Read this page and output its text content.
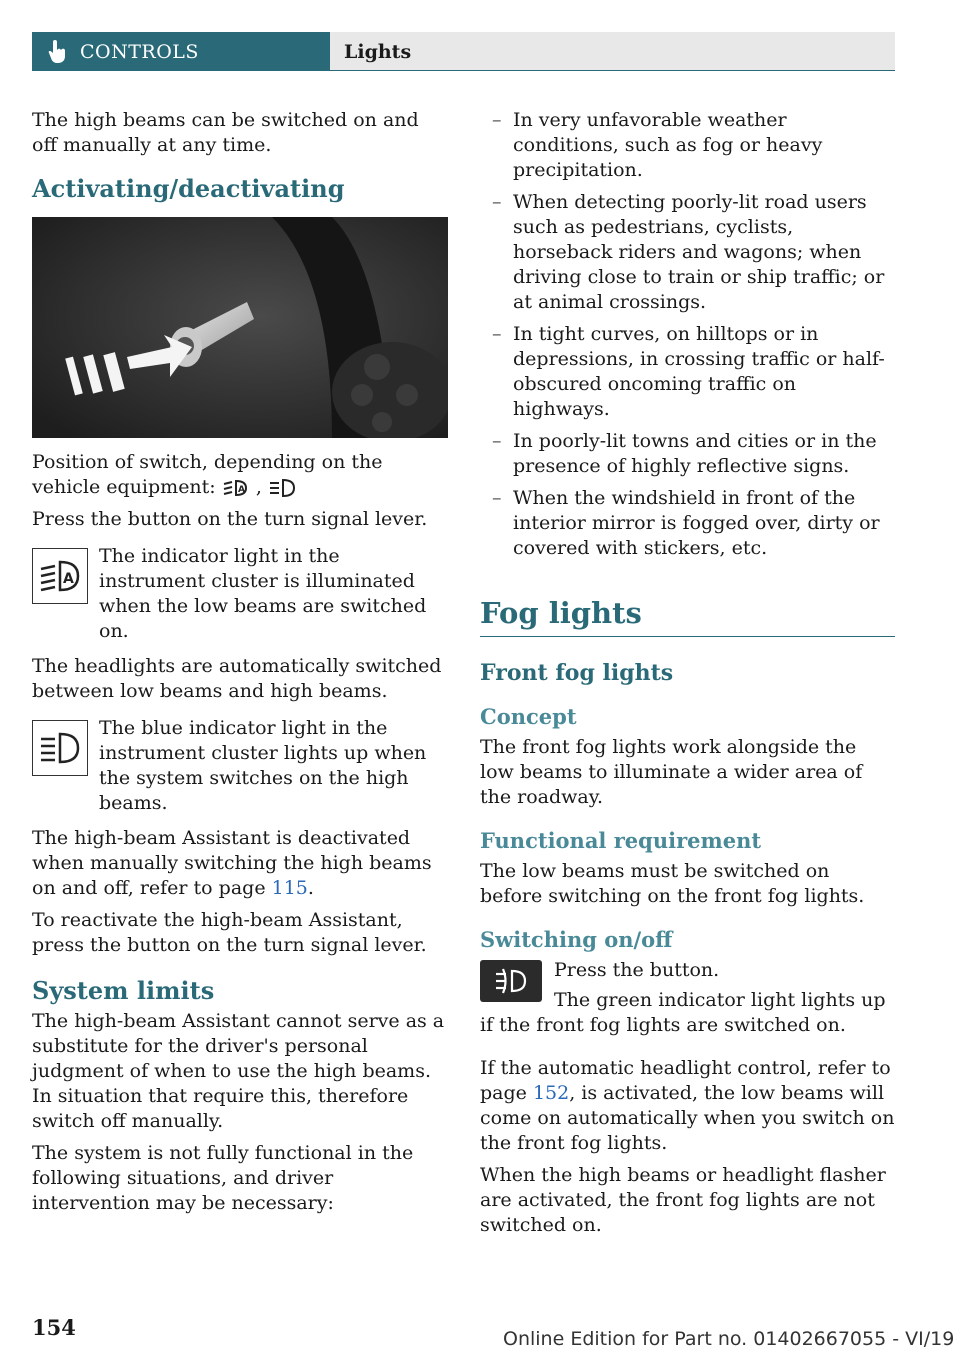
CONTROLS	Lights

The high beams can be switched on and off manually at any time.

Activating/deactivating

Position of switch, depending on the vehicle equipment: A ,

Press the button on the turn signal lever.

A
The indicator light in the instrument cluster is illuminated when the low beams are switched on.

The headlights are automatically switched between low beams and high beams.

The blue indicator light in the instrument cluster lights up when the system switches on the high beams.

The high-beam Assistant is deactivated when manually switching the high beams on and off, refer to page 115.

To reactivate the high-beam Assistant, press the button on the turn signal lever.

System limits

The high-beam Assistant cannot serve as a substitute for the driver's personal judgment of when to use the high beams. In situation that require this, therefore switch off manually.

The system is not fully functional in the following situations, and driver intervention may be necessary:

– In very unfavorable weather conditions, such as fog or heavy precipitation.
– When detecting poorly-lit road users such as pedestrians, cyclists, horseback riders and wagons; when driving close to train or ship traffic; or at animal crossings.
– In tight curves, on hilltops or in depressions, in crossing traffic or half-obscured oncoming traffic on highways.
– In poorly-lit towns and cities or in the presence of highly reflective signs.
– When the windshield in front of the interior mirror is fogged over, dirty or covered with stickers, etc.
Fog lights
Front fog lights
Concept

The front fog lights work alongside the low beams to illuminate a wider area of the roadway.

Functional requirement

The low beams must be switched on before switching on the front fog lights.

Switching on/off
Press the button.

The green indicator light lights up if the front fog lights are switched on.

If the automatic headlight control, refer to page 152, is activated, the low beams will come on automatically when you switch on the front fog lights.

When the high beams or headlight flasher are activated, the front fog lights are not switched on.

154	Online Edition for Part no. 01402667055 - VI/19
